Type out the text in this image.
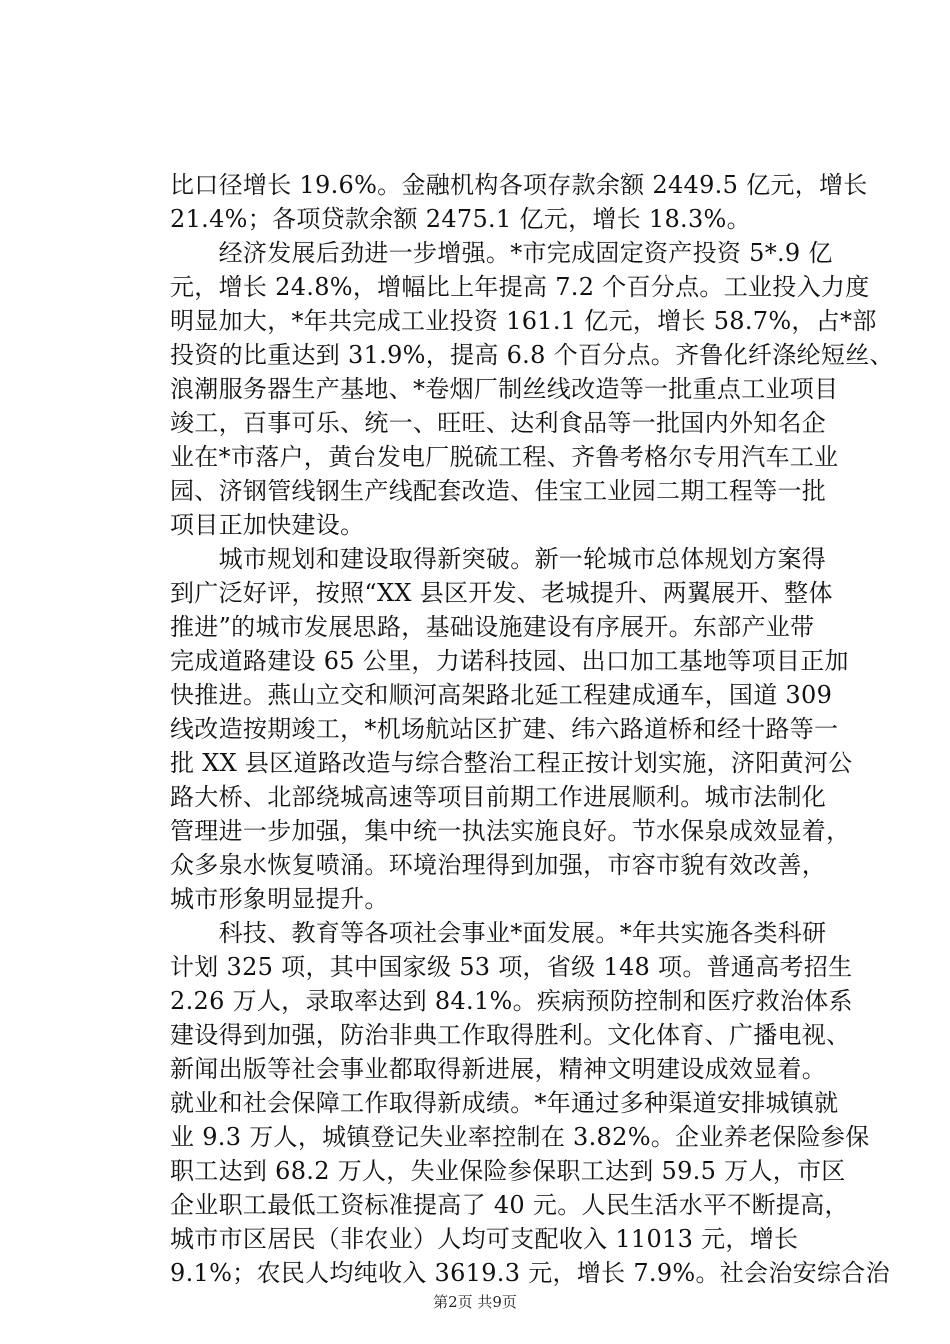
比口径增长 19.6%。金融机构各项存款余额 2449.5 亿元，增长
21.4%；各项贷款余额 2475.1 亿元，增长 18.3%。
　　经济发展后劲进一步增强。*市完成固定资产投资 5*.9 亿
元，增长 24.8%，增幅比上年提高 7.2 个百分点。工业投入力度
明显加大，*年共完成工业投资 161.1 亿元，增长 58.7%，占*部
投资的比重达到 31.9%，提高 6.8 个百分点。齐鲁化纤涤纶短丝、
浪潮服务器生产基地、*卷烟厂制丝线改造等一批重点工业项目
竣工，百事可乐、统一、旺旺、达利食品等一批国内外知名企
业在*市落户，黄台发电厂脱硫工程、齐鲁考格尔专用汽车工业
园、济钢管线钢生产线配套改造、佳宝工业园二期工程等一批
项目正加快建设。
　　城市规划和建设取得新突破。新一轮城市总体规划方案得
到广泛好评，按照“XX 县区开发、老城提升、两翼展开、整体
推进”的城市发展思路，基础设施建设有序展开。东部产业带
完成道路建设 65 公里，力诺科技园、出口加工基地等项目正加
快推进。燕山立交和顺河高架路北延工程建成通车，国道 309
线改造按期竣工，*机场航站区扩建、纬六路道桥和经十路等一
批 XX 县区道路改造与综合整治工程正按计划实施，济阳黄河公
路大桥、北部绕城高速等项目前期工作进展顺利。城市法制化
管理进一步加强，集中统一执法实施良好。节水保泉成效显着，
众多泉水恢复喷涌。环境治理得到加强，市容市貌有效改善，
城市形象明显提升。
　　科技、教育等各项社会事业*面发展。*年共实施各类科研
计划 325 项，其中国家级 53 项，省级 148 项。普通高考招生
2.26 万人，录取率达到 84.1%。疾病预防控制和医疗救治体系
建设得到加强，防治非典工作取得胜利。文化体育、广播电视、
新闻出版等社会事业都取得新进展，精神文明建设成效显着。
就业和社会保障工作取得新成绩。*年通过多种渠道安排城镇就
业 9.3 万人，城镇登记失业率控制在 3.82%。企业养老保险参保
职工达到 68.2 万人，失业保险参保职工达到 59.5 万人，市区
企业职工最低工资标准提高了 40 元。人民生活水平不断提高，
城市市区居民（非农业）人均可支配收入 11013 元，增长
9.1%；农民人均纯收入 3619.3 元，增长 7.9%。社会治安综合治
第2页 共9页
